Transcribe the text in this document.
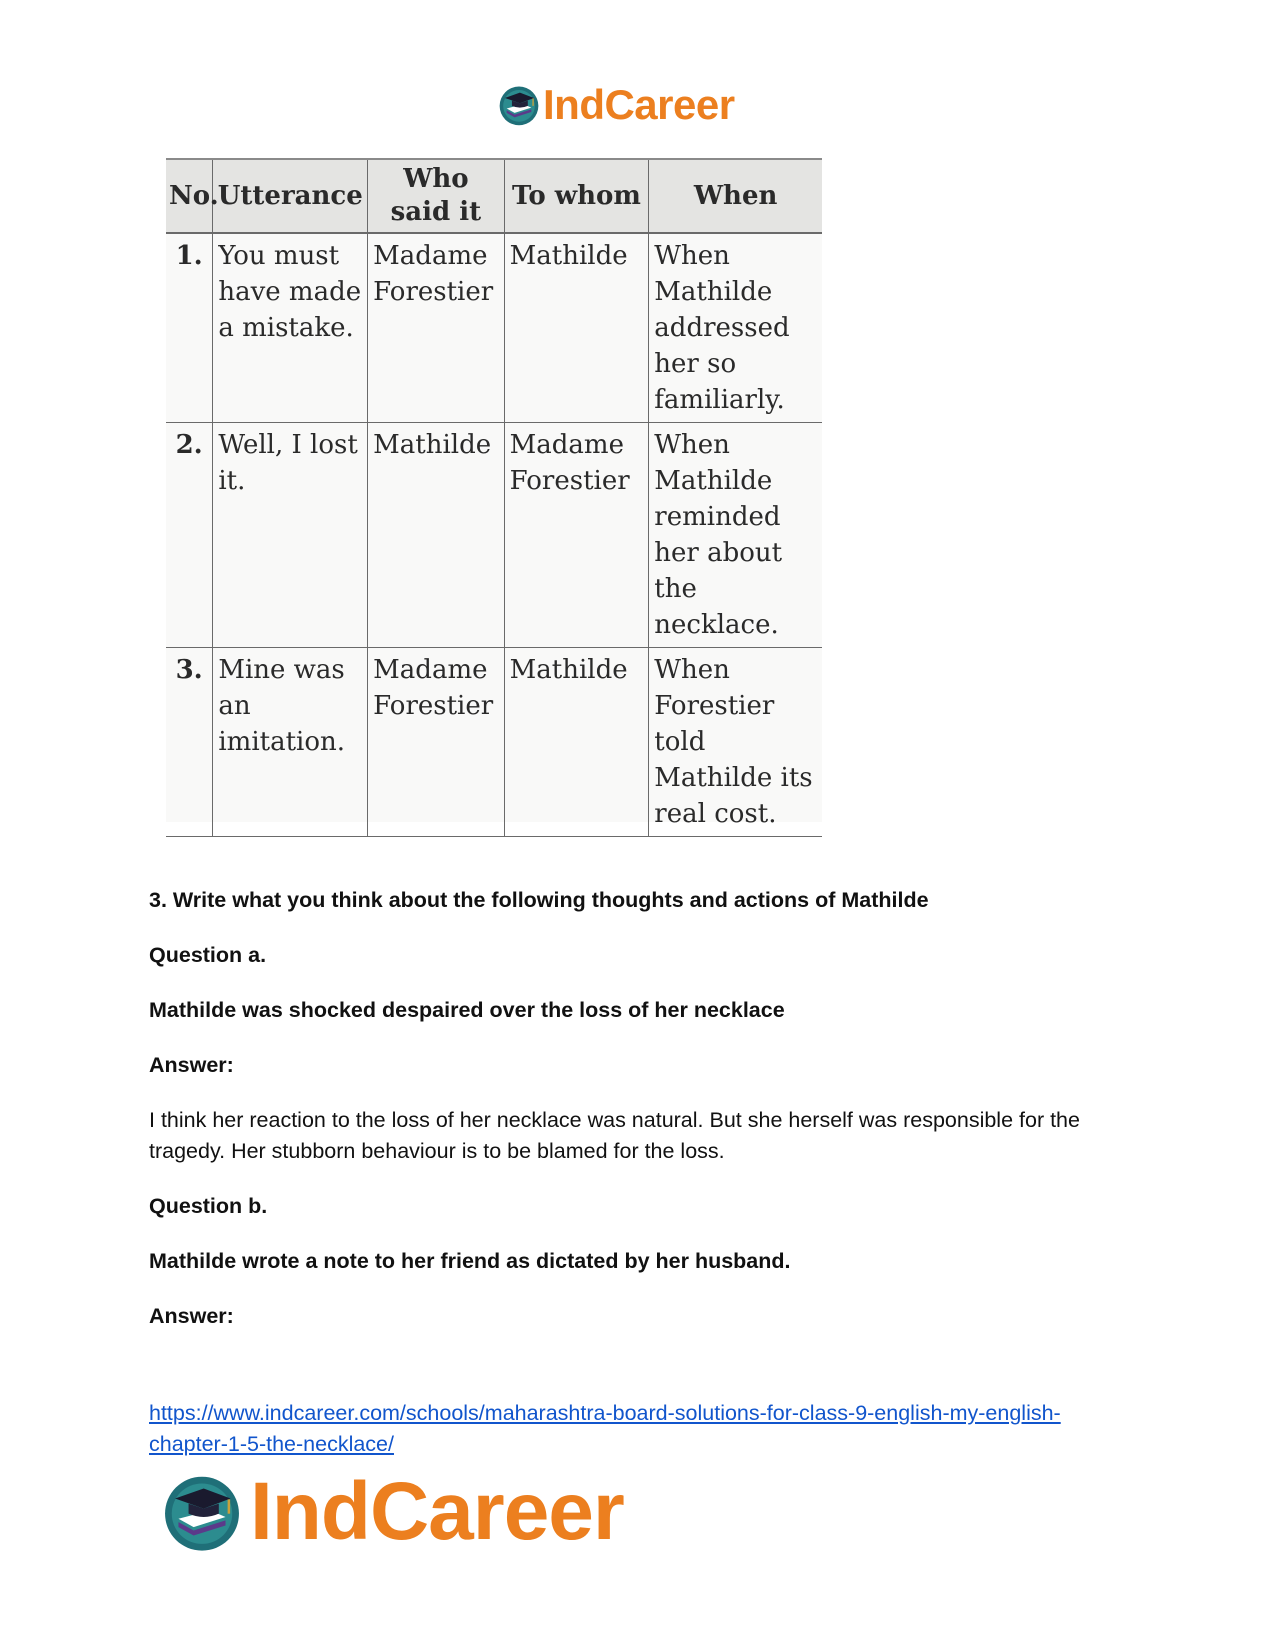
IndCareer
No.	Utterance	Who said it	To whom	When
1.	You must have made a mistake.	Madame Forestier	Mathilde	When Mathilde addressed her so familiarly.
2.	Well, I lost it.	Mathilde	Madame Forestier	When Mathilde reminded her about the necklace.
3.	Mine was an imitation.	Madame Forestier	Mathilde	When Forestier told Mathilde its real cost.

3. Write what you think about the following thoughts and actions of Mathilde

Question a.

Mathilde was shocked despaired over the loss of her necklace

Answer:

I think her reaction to the loss of her necklace was natural. But she herself was responsible for the tragedy. Her stubborn behaviour is to be blamed for the loss.

Question b.

Mathilde wrote a note to her friend as dictated by her husband.

Answer:

https://www.indcareer.com/schools/maharashtra-board-solutions-for-class-9-english-my-english-chapter-1-5-the-necklace/
IndCareer
